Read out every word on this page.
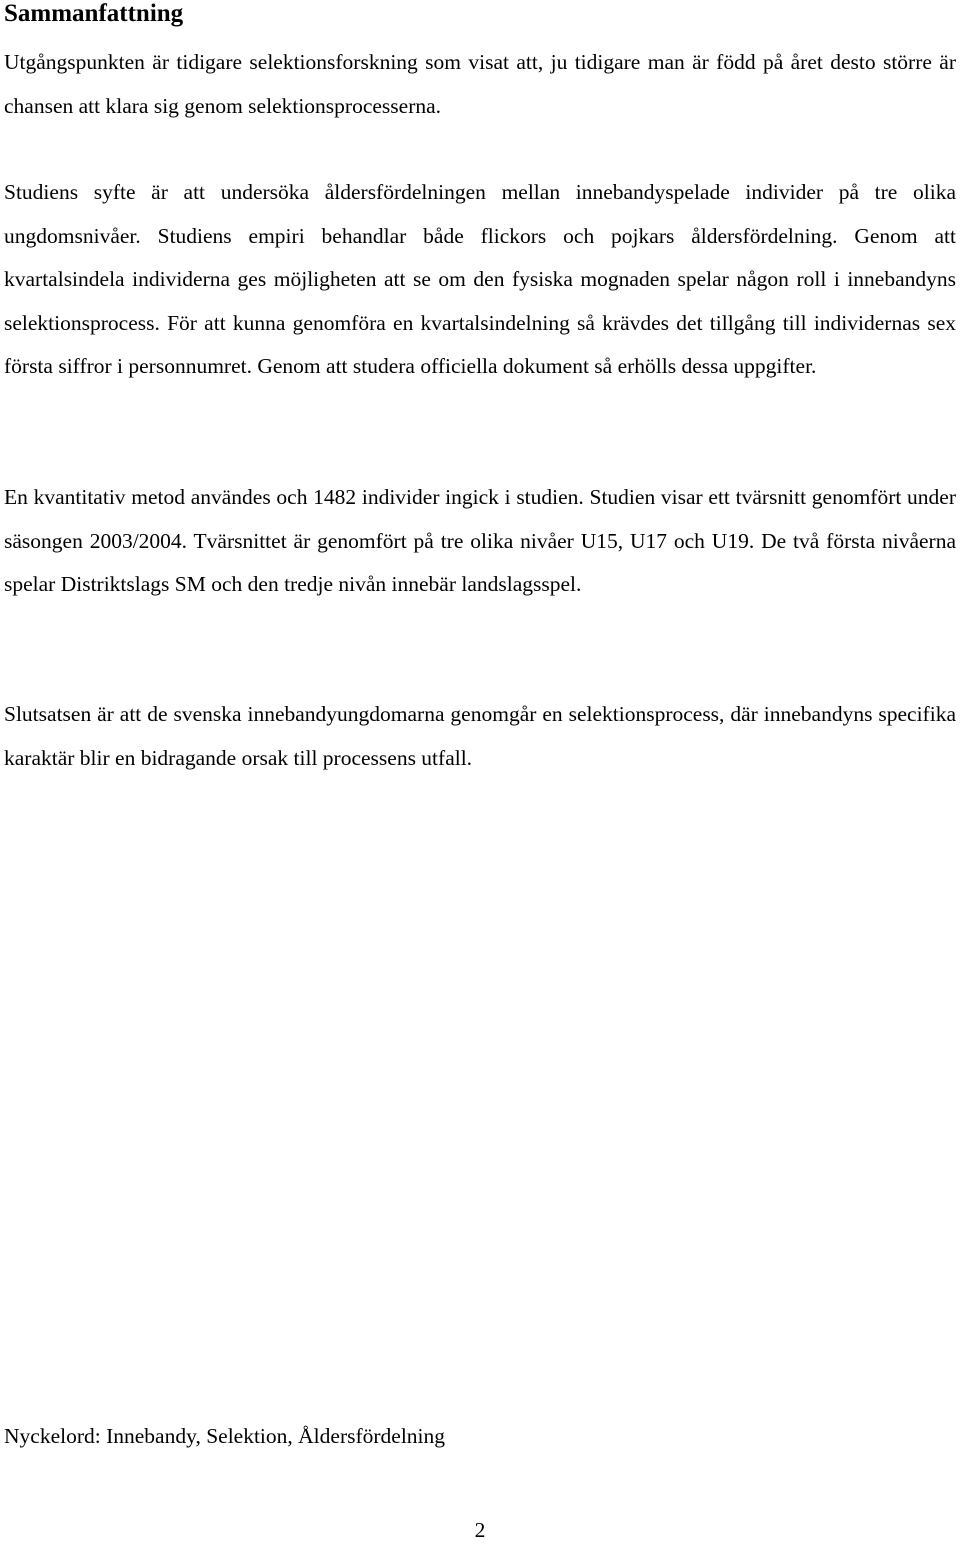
Sammanfattning

Utgångspunkten är tidigare selektionsforskning som visat att, ju tidigare man är född på året desto större är chansen att klara sig genom selektionsprocesserna.

Studiens syfte är att undersöka åldersfördelningen mellan innebandyspelade individer på tre olika ungdomsnivåer. Studiens empiri behandlar både flickors och pojkars åldersfördelning. Genom att kvartalsindela individerna ges möjligheten att se om den fysiska mognaden spelar någon roll i innebandyns selektionsprocess. För att kunna genomföra en kvartalsindelning så krävdes det tillgång till individernas sex första siffror i personnumret. Genom att studera officiella dokument så erhölls dessa uppgifter.

En kvantitativ metod användes och 1482 individer ingick i studien. Studien visar ett tvärsnitt genomfört under säsongen 2003/2004. Tvärsnittet är genomfört på tre olika nivåer U15, U17 och U19. De två första nivåerna spelar Distriktslags SM och den tredje nivån innebär landslagsspel.

Slutsatsen är att de svenska innebandyungdomarna genomgår en selektionsprocess, där innebandyns specifika karaktär blir en bidragande orsak till processens utfall.

Nyckelord: Innebandy, Selektion, Åldersfördelning

2
